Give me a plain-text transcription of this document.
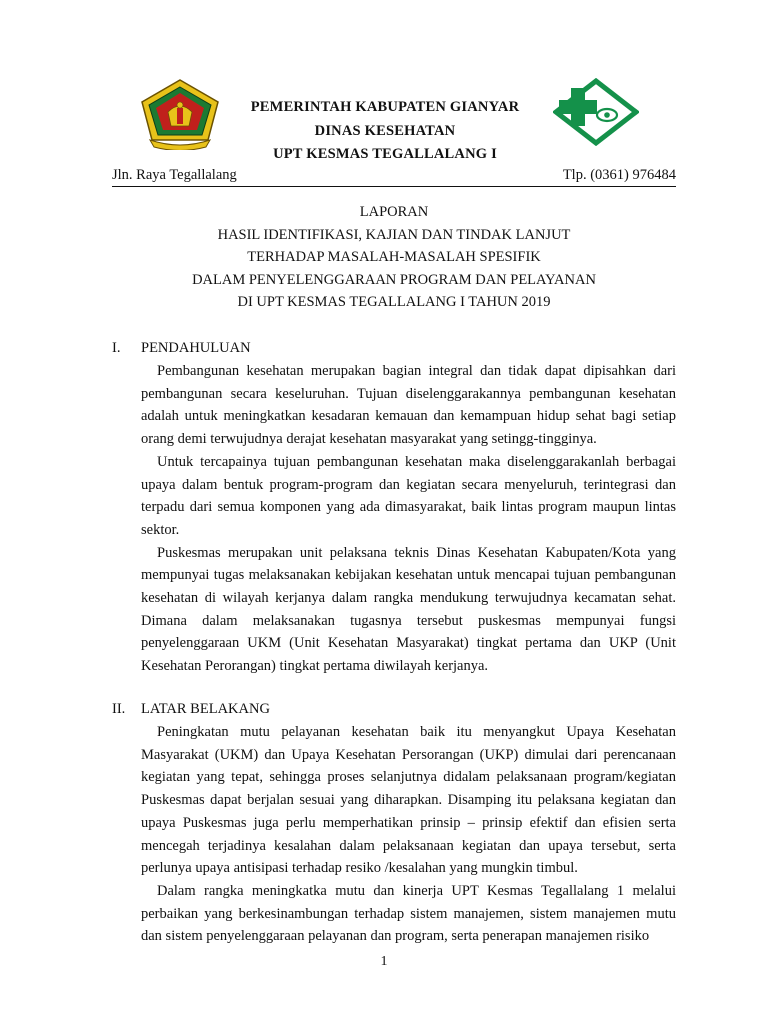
PEMERINTAH KABUPATEN GIANYAR
DINAS KESEHATAN
UPT KESMAS TEGALLALANG I
Jln. Raya Tegallalang	Tlp. (0361) 976484
LAPORAN
HASIL IDENTIFIKASI, KAJIAN DAN TINDAK LANJUT
TERHADAP MASALAH-MASALAH SPESIFIK
DALAM PENYELENGGARAAN PROGRAM DAN PELAYANAN
DI UPT KESMAS TEGALLALANG I TAHUN 2019
I. PENDAHULUAN

Pembangunan kesehatan merupakan bagian integral dan tidak dapat dipisahkan dari pembangunan secara keseluruhan. Tujuan diselenggarakannya pembangunan kesehatan adalah untuk meningkatkan kesadaran kemauan dan kemampuan hidup sehat bagi setiap orang demi terwujudnya derajat kesehatan masyarakat yang setingg-tingginya.

Untuk tercapainya tujuan pembangunan kesehatan maka diselenggarakanlah berbagai upaya dalam bentuk program-program dan kegiatan secara menyeluruh, terintegrasi dan terpadu dari semua komponen yang ada dimasyarakat, baik lintas program maupun lintas sektor.

Puskesmas merupakan unit pelaksana teknis Dinas Kesehatan Kabupaten/Kota yang mempunyai tugas melaksanakan kebijakan kesehatan untuk mencapai tujuan pembangunan kesehatan di wilayah kerjanya dalam rangka mendukung terwujudnya kecamatan sehat. Dimana dalam melaksanakan tugasnya tersebut puskesmas mempunyai fungsi penyelenggaraan UKM (Unit Kesehatan Masyarakat) tingkat pertama dan UKP (Unit Kesehatan Perorangan) tingkat pertama diwilayah kerjanya.

II. LATAR BELAKANG

Peningkatan mutu pelayanan kesehatan baik itu menyangkut Upaya Kesehatan Masyarakat (UKM) dan Upaya Kesehatan Persorangan (UKP) dimulai dari perencanaan kegiatan yang tepat, sehingga proses selanjutnya didalam pelaksanaan program/kegiatan Puskesmas dapat berjalan sesuai yang diharapkan. Disamping itu pelaksana kegiatan dan upaya Puskesmas juga perlu memperhatikan prinsip – prinsip efektif dan efisien serta mencegah terjadinya kesalahan dalam pelaksanaan kegiatan dan upaya tersebut, serta perlunya upaya antisipasi terhadap resiko /kesalahan yang mungkin timbul.

Dalam rangka meningkatka mutu dan kinerja UPT Kesmas Tegallalang 1 melalui perbaikan yang berkesinambungan terhadap sistem manajemen, sistem manajemen mutu dan sistem penyelenggaraan pelayanan dan program, serta penerapan manajemen risiko

1
